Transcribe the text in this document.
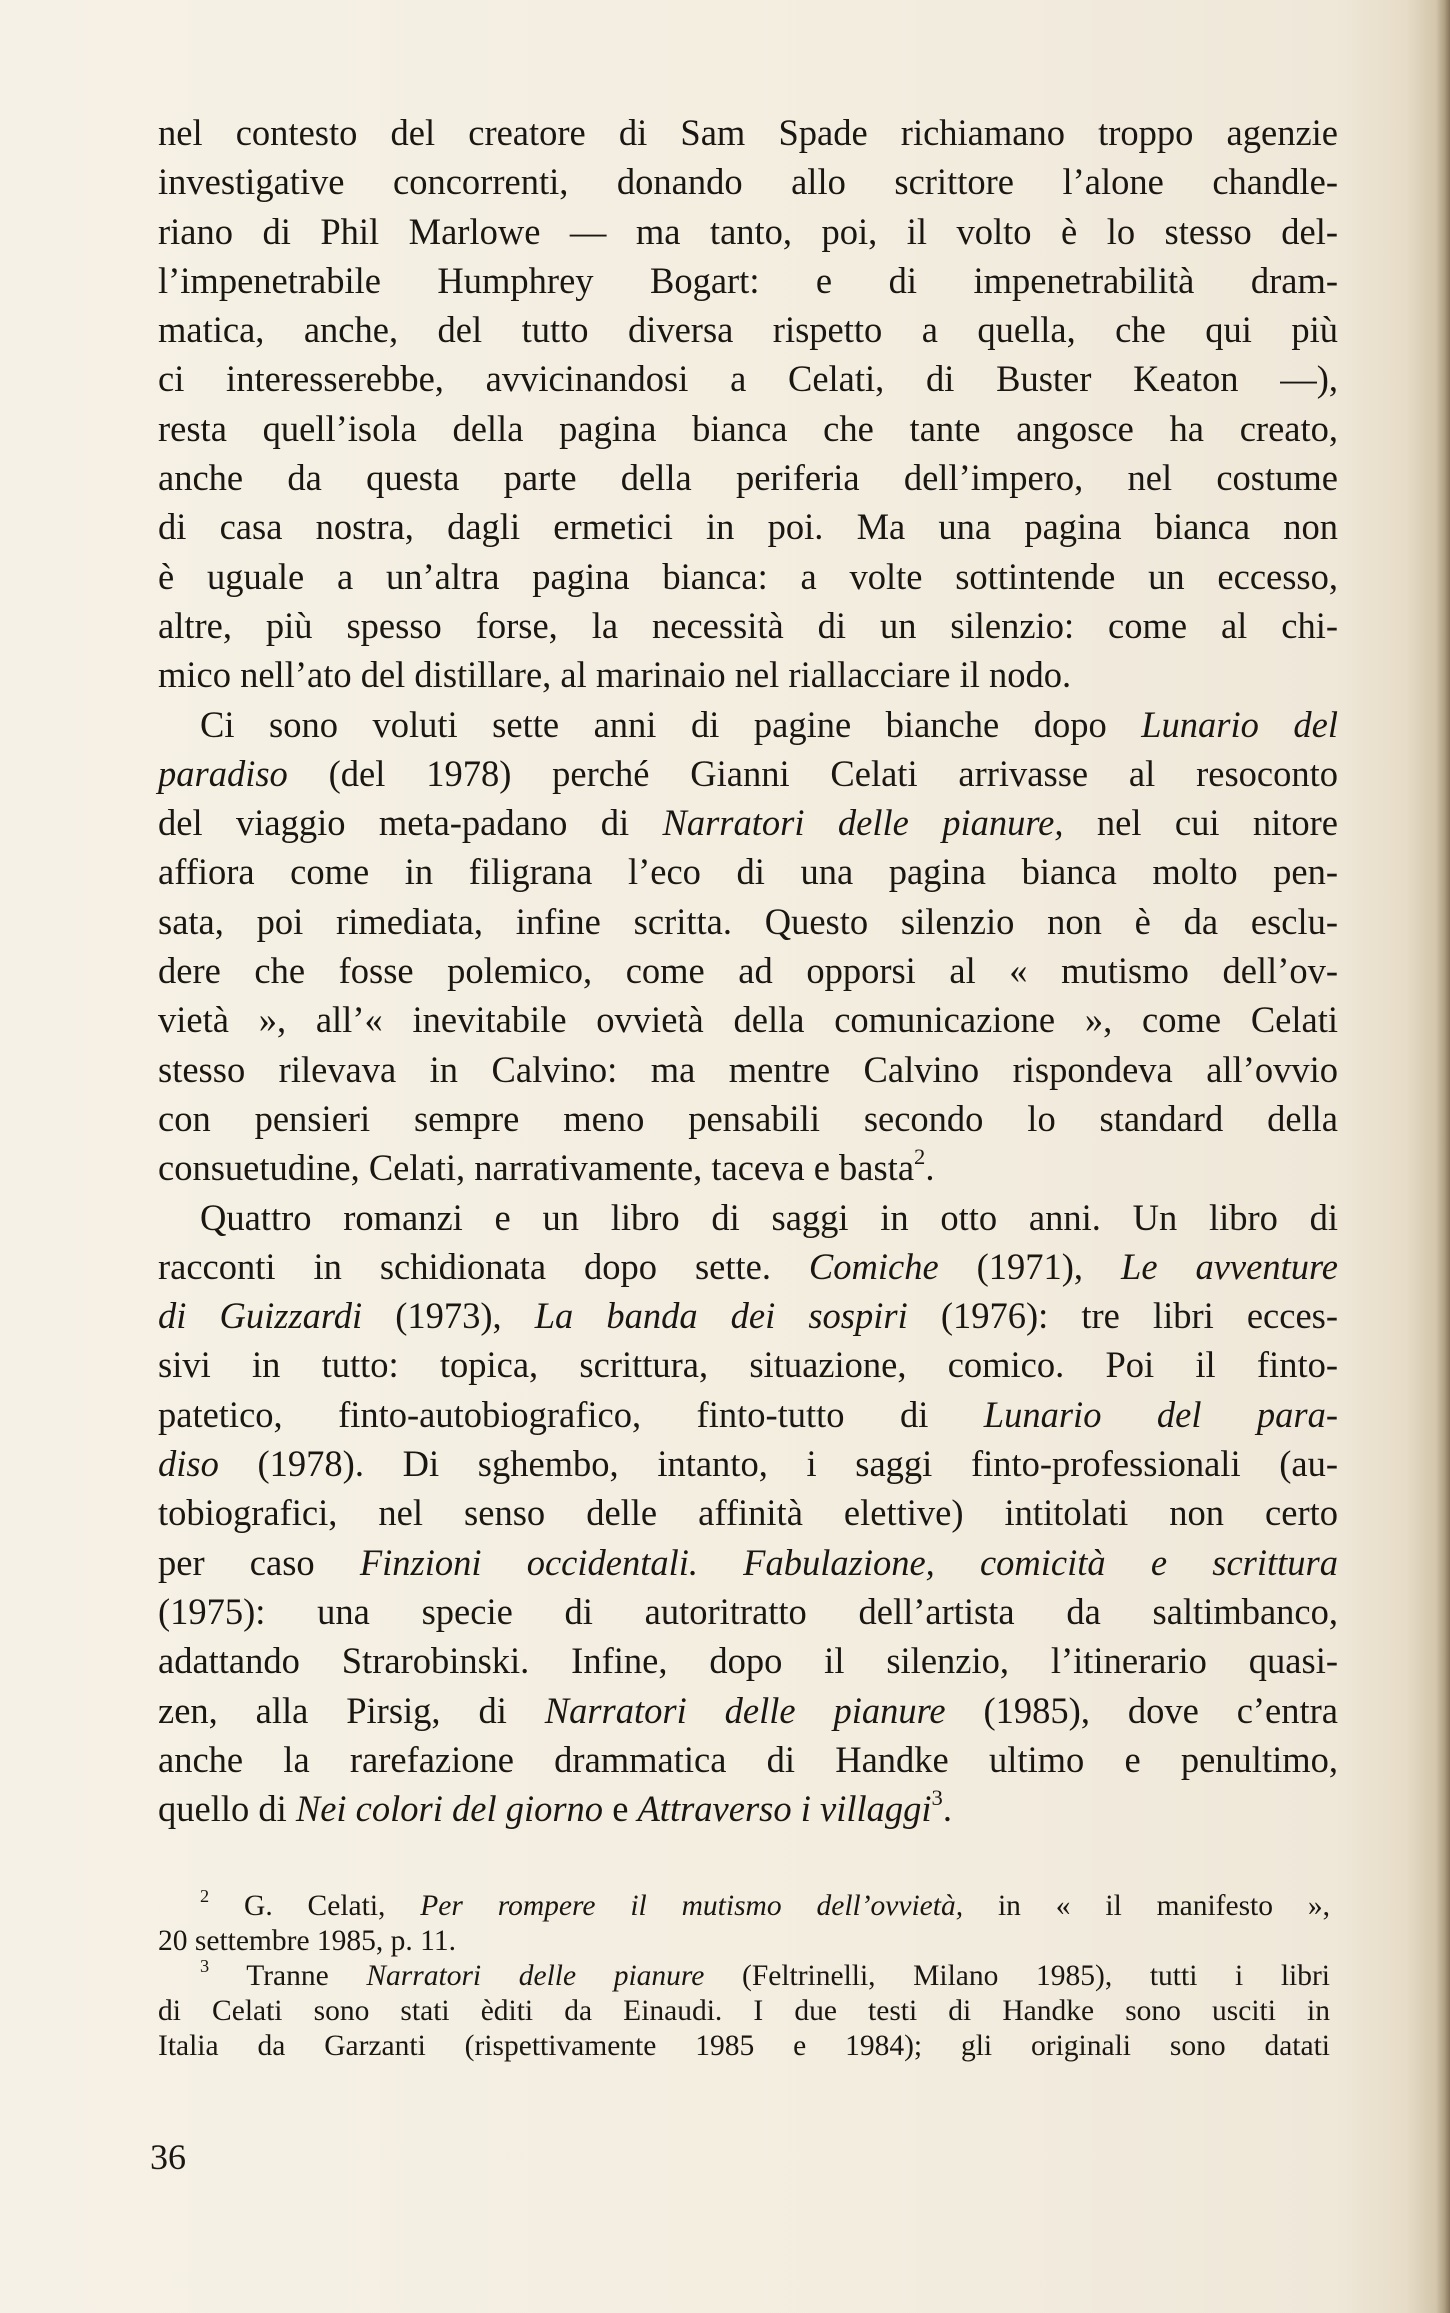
nel contesto del creatore di Sam Spade richiamano troppo agenzie
investigative concorrenti, donando allo scrittore l’alone chandle-
riano di Phil Marlowe — ma tanto, poi, il volto è lo stesso del-
l’impenetrabile Humphrey Bogart: e di impenetrabilità dram-
matica, anche, del tutto diversa rispetto a quella, che qui più
ci interesserebbe, avvicinandosi a Celati, di Buster Keaton —),
resta quell’isola della pagina bianca che tante angosce ha creato,
anche da questa parte della periferia dell’impero, nel costume
di casa nostra, dagli ermetici in poi. Ma una pagina bianca non
è uguale a un’altra pagina bianca: a volte sottintende un eccesso,
altre, più spesso forse, la necessità di un silenzio: come al chi-
mico nell’ato del distillare, al marinaio nel riallacciare il nodo.
Ci sono voluti sette anni di pagine bianche dopo Lunario del
paradiso (del 1978) perché Gianni Celati arrivasse al resoconto
del viaggio meta-padano di Narratori delle pianure, nel cui nitore
affiora come in filigrana l’eco di una pagina bianca molto pen-
sata, poi rimediata, infine scritta. Questo silenzio non è da esclu-
dere che fosse polemico, come ad opporsi al « mutismo dell’ov-
vietà », all’« inevitabile ovvietà della comunicazione », come Celati
stesso rilevava in Calvino: ma mentre Calvino rispondeva all’ovvio
con pensieri sempre meno pensabili secondo lo standard della
consuetudine, Celati, narrativamente, taceva e basta$^2$.
Quattro romanzi e un libro di saggi in otto anni. Un libro di
racconti in schidionata dopo sette. Comiche (1971), Le avventure
di Guizzardi (1973), La banda dei sospiri (1976): tre libri ecces-
sivi in tutto: topica, scrittura, situazione, comico. Poi il finto-
patetico, finto-autobiografico, finto-tutto di Lunario del para-
diso (1978). Di sghembo, intanto, i saggi finto-professionali (au-
tobiografici, nel senso delle affinità elettive) intitolati non certo
per caso Finzioni occidentali. Fabulazione, comicità e scrittura
(1975): una specie di autoritratto dell’artista da saltimbanco,
adattando Strarobinski. Infine, dopo il silenzio, l’itinerario quasi-
zen, alla Pirsig, di Narratori delle pianure (1985), dove c’entra
anche la rarefazione drammatica di Handke ultimo e penultimo,
quello di Nei colori del giorno e Attraverso i villaggi$^3$.
$^2$ G. Celati, Per rompere il mutismo dell’ovvietà, in « il manifesto »,
20 settembre 1985, p. 11.
$^3$ Tranne Narratori delle pianure (Feltrinelli, Milano 1985), tutti i libri
di Celati sono stati èditi da Einaudi. I due testi di Handke sono usciti in
Italia da Garzanti (rispettivamente 1985 e 1984); gli originali sono datati
36
